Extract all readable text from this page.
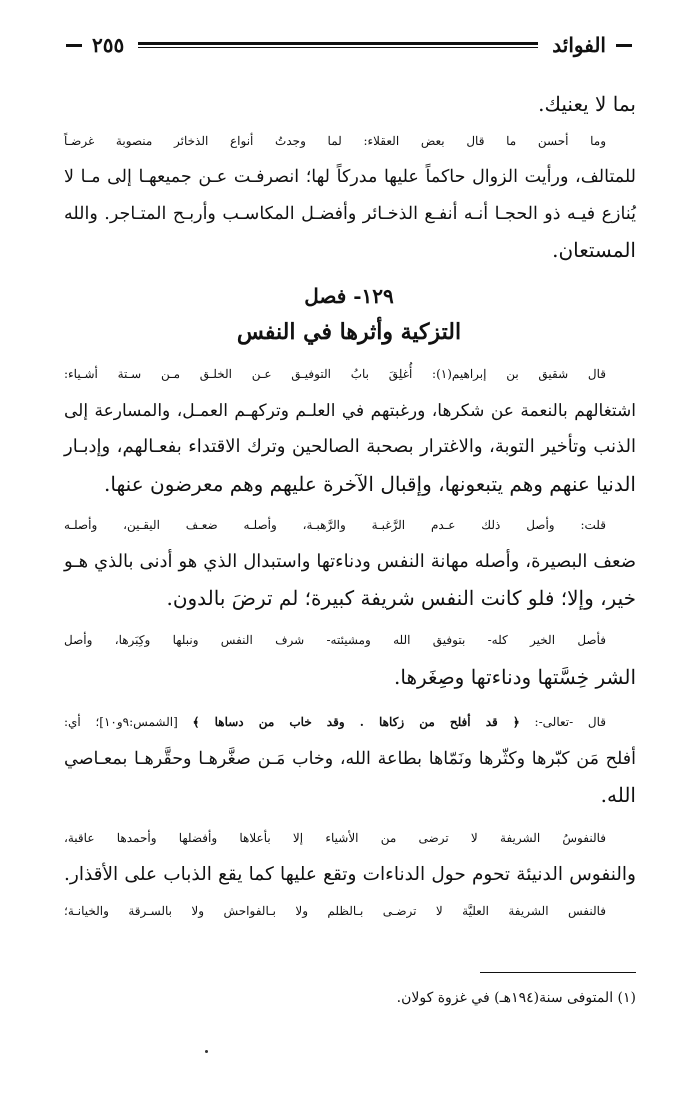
الفوائد
٢٥٥
بما لا يعنيك.
وما أحسن ما قال بعض العقلاء: لما وجدتُ أنواع الذخائر منصوبة غرضـاً
للمتالف، ورأيت الزوال حاكماً عليها مدركاً لها؛ انصرفـت عـن جميعهـا إلى مـا لا
يُنازع فيـه ذو الحجـا أنـه أنفـع الذخـائر وأفضـل المكاسـب وأربـح المتـاجر. والله
المستعان.
١٢٩- فصل
التزكية وأثرها في النفس
قال شقيق بن إبراهيم(١): أُغلِقَ بابُ التوفيـق عـن الخلـق مـن سـتة أشـياء:
اشتغالهم بالنعمة عن شكرها، ورغبتهم في العلـم وتركهـم العمـل، والمسارعة إلى
الذنب وتأخير التوبة، والاغترار بصحبة الصالحين وترك الاقتداء بفعـالهم، وإدبـار
الدنيا عنهم وهم يتبعونها، وإقبال الآخرة عليهم وهم معرضون عنها.
قلت: وأصل ذلك عـدم الرَّغبـة والرَّهبـة، وأصلـه ضعـف اليقـين، وأصلـه
ضعف البصيرة، وأصله مهانة النفس ودناءتها واستبدال الذي هو أدنى بالذي هـو
خير، وإلا؛ فلو كانت النفس شريفة كبيرة؛ لم ترضَ بالدون.
فأصل الخير كله- بتوفيق الله ومشيئته- شرف النفس ونبلها وكِبَرها، وأصل
الشر خِسَّتها ودناءتها وصِغَرها.
قال -تعالى-: ﴿ قد أفلح من زكاها . وقد خاب من دساها ﴾ [الشمس:٩و١٠]؛ أي:
أفلح مَن كبّرها وكثّرها ونَمّاها بطاعة الله، وخاب مَـن صغَّرهـا وحقَّرهـا بمعـاصي
الله.
فالنفوسُ الشريفة لا ترضى من الأشياء إلا بأعلاها وأفضلها وأحمدها عاقبة،
والنفوس الدنيئة تحوم حول الدناءات وتقع عليها كما يقع الذباب على الأقذار.
فالنفس الشريفة العليَّة لا ترضـى بـالظلم ولا بـالفواحش ولا بالسـرقة والخيانـة؛
(١) المتوفى سنة(١٩٤هـ) في غزوة كولان.
